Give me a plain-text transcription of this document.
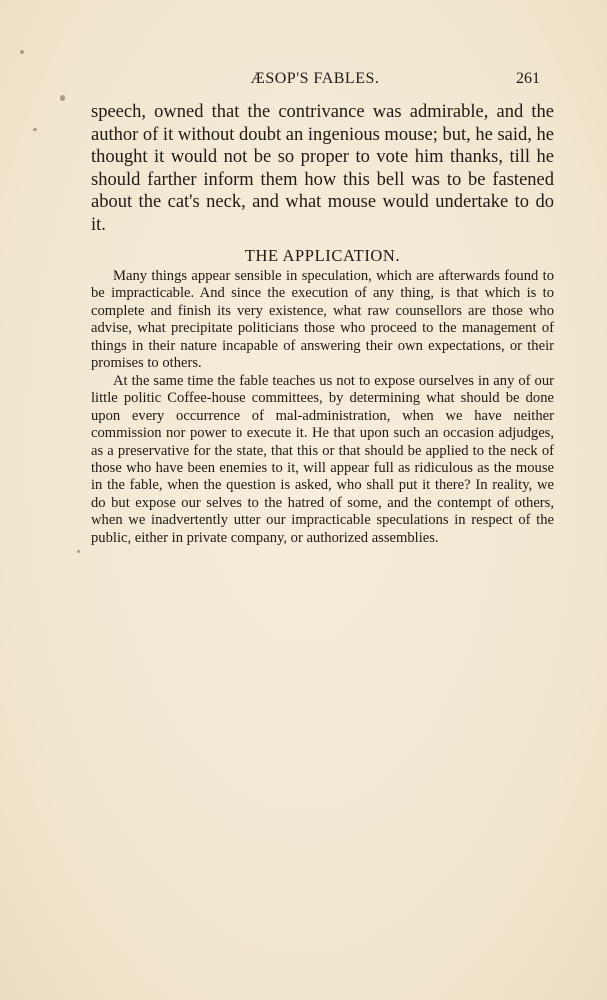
ÆSOP'S FABLES.	261

speech, owned that the contrivance was admirable, and the author of it without doubt an ingenious mouse; but, he said, he thought it would not be so proper to vote him thanks, till he should farther inform them how this bell was to be fastened about the cat's neck, and what mouse would undertake to do it.

THE APPLICATION.

Many things appear sensible in speculation, which are afterwards found to be impracticable. And since the execution of any thing, is that which is to complete and finish its very existence, what raw counsellors are those who advise, what precipitate politicians those who proceed to the management of things in their nature incapable of answering their own expectations, or their promises to others.

At the same time the fable teaches us not to expose ourselves in any of our little politic Coffee-house committees, by determining what should be done upon every occurrence of mal-administration, when we have neither commission nor power to execute it. He that upon such an occasion adjudges, as a preservative for the state, that this or that should be applied to the neck of those who have been enemies to it, will appear full as ridiculous as the mouse in the fable, when the question is asked, who shall put it there? In reality, we do but expose our selves to the hatred of some, and the contempt of others, when we inadvertently utter our impracticable speculations in respect of the public, either in private company, or authorized assemblies.
